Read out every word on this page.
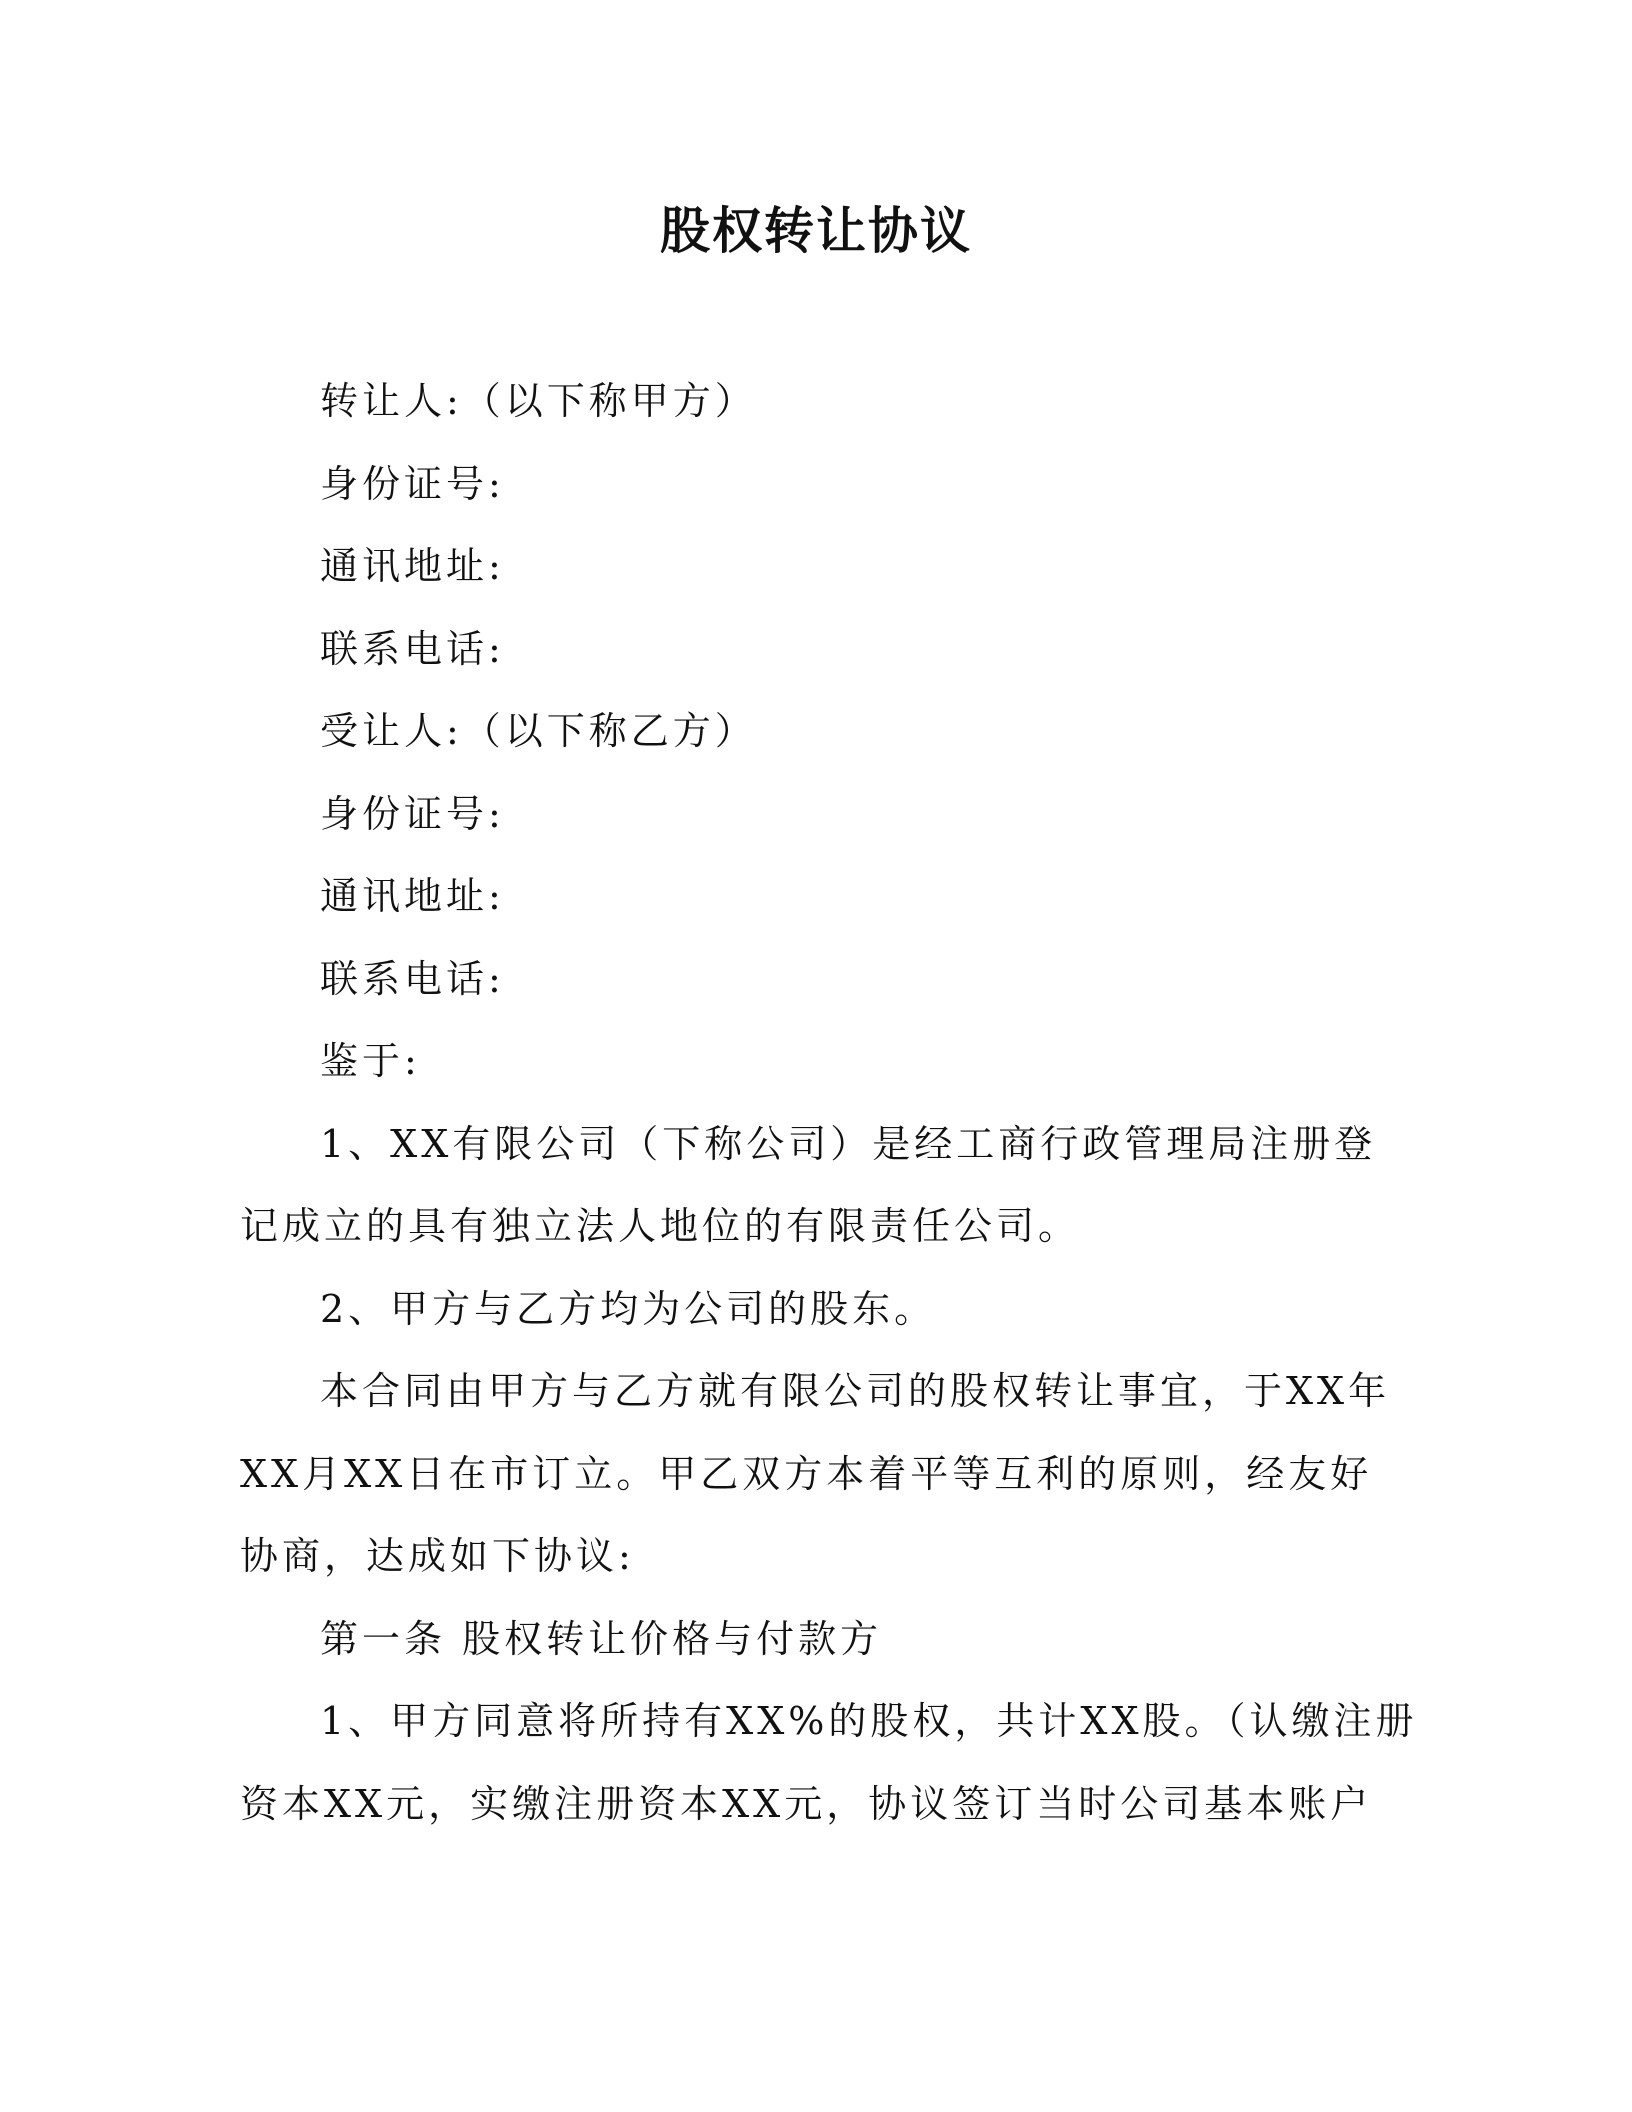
股权转让协议
转让人:（以下称甲方）
身份证号:
通讯地址:
联系电话:
受让人:（以下称乙方）
身份证号:
通讯地址:
联系电话:
鉴于:
1、XX有限公司（下称公司）是经工商行政管理局注册登
记成立的具有独立法人地位的有限责任公司。
2、甲方与乙方均为公司的股东。
本合同由甲方与乙方就有限公司的股权转让事宜，于XX年
XX月XX日在市订立。甲乙双方本着平等互利的原则，经友好
协商，达成如下协议:
第一条 股权转让价格与付款方
1、甲方同意将所持有XX%的股权，共计XX股。（认缴注册
资本XX元，实缴注册资本XX元，协议签订当时公司基本账户
